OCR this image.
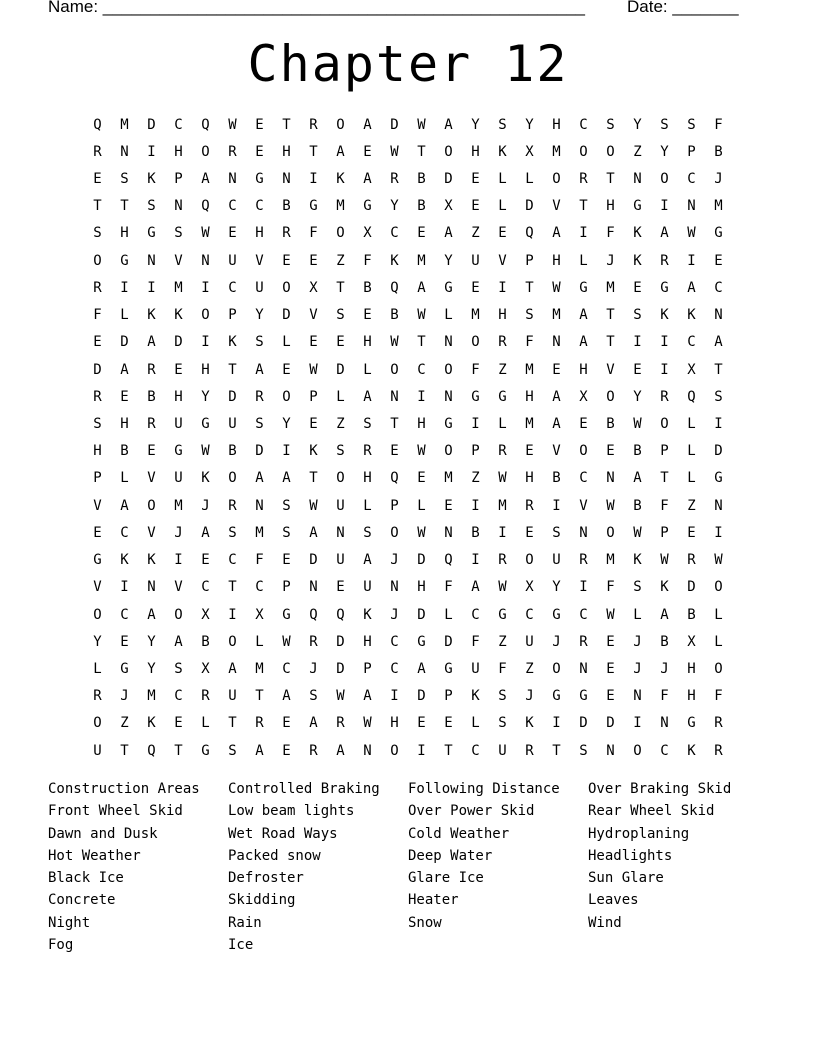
Name: ___________________________________________________ Date: _______
Chapter 12
Q	M	D	C	Q	W	E	T	R	O	A	D	W	A	Y	S	Y	H	C	S	Y	S	S	F
R	N	I	H	O	R	E	H	T	A	E	W	T	O	H	K	X	M	O	O	Z	Y	P	B
E	S	K	P	A	N	G	N	I	K	A	R	B	D	E	L	L	O	R	T	N	O	C	J
T	T	S	N	Q	C	C	B	G	M	G	Y	B	X	E	L	D	V	T	H	G	I	N	M
S	H	G	S	W	E	H	R	F	O	X	C	E	A	Z	E	Q	A	I	F	K	A	W	G
O	G	N	V	N	U	V	E	E	Z	F	K	M	Y	U	V	P	H	L	J	K	R	I	E
R	I	I	M	I	C	U	O	X	T	B	Q	A	G	E	I	T	W	G	M	E	G	A	C
F	L	K	K	O	P	Y	D	V	S	E	B	W	L	M	H	S	M	A	T	S	K	K	N
E	D	A	D	I	K	S	L	E	E	H	W	T	N	O	R	F	N	A	T	I	I	C	A
D	A	R	E	H	T	A	E	W	D	L	O	C	O	F	Z	M	E	H	V	E	I	X	T
R	E	B	H	Y	D	R	O	P	L	A	N	I	N	G	G	H	A	X	O	Y	R	Q	S
S	H	R	U	G	U	S	Y	E	Z	S	T	H	G	I	L	M	A	E	B	W	O	L	I
H	B	E	G	W	B	D	I	K	S	R	E	W	O	P	R	E	V	O	E	B	P	L	D
P	L	V	U	K	O	A	A	T	O	H	Q	E	M	Z	W	H	B	C	N	A	T	L	G
V	A	O	M	J	R	N	S	W	U	L	P	L	E	I	M	R	I	V	W	B	F	Z	N
E	C	V	J	A	S	M	S	A	N	S	O	W	N	B	I	E	S	N	O	W	P	E	I
G	K	K	I	E	C	F	E	D	U	A	J	D	Q	I	R	O	U	R	M	K	W	R	W
V	I	N	V	C	T	C	P	N	E	U	N	H	F	A	W	X	Y	I	F	S	K	D	O
O	C	A	O	X	I	X	G	Q	Q	K	J	D	L	C	G	C	G	C	W	L	A	B	L
Y	E	Y	A	B	O	L	W	R	D	H	C	G	D	F	Z	U	J	R	E	J	B	X	L
L	G	Y	S	X	A	M	C	J	D	P	C	A	G	U	F	Z	O	N	E	J	J	H	O
R	J	M	C	R	U	T	A	S	W	A	I	D	P	K	S	J	G	G	E	N	F	H	F
O	Z	K	E	L	T	R	E	A	R	W	H	E	E	L	S	K	I	D	D	I	N	G	R
U	T	Q	T	G	S	A	E	R	A	N	O	I	T	C	U	R	T	S	N	O	C	K	R
Construction Areas	Controlled Braking	Following Distance	Over Braking Skid
Front Wheel Skid	Low beam lights	Over Power Skid	Rear Wheel Skid
Dawn and Dusk	Wet Road Ways	Cold Weather	Hydroplaning
Hot Weather	Packed snow	Deep Water	Headlights
Black Ice	Defroster	Glare Ice	Sun Glare
Concrete	Skidding	Heater	Leaves
Night	Rain	Snow	Wind
Fog	Ice
